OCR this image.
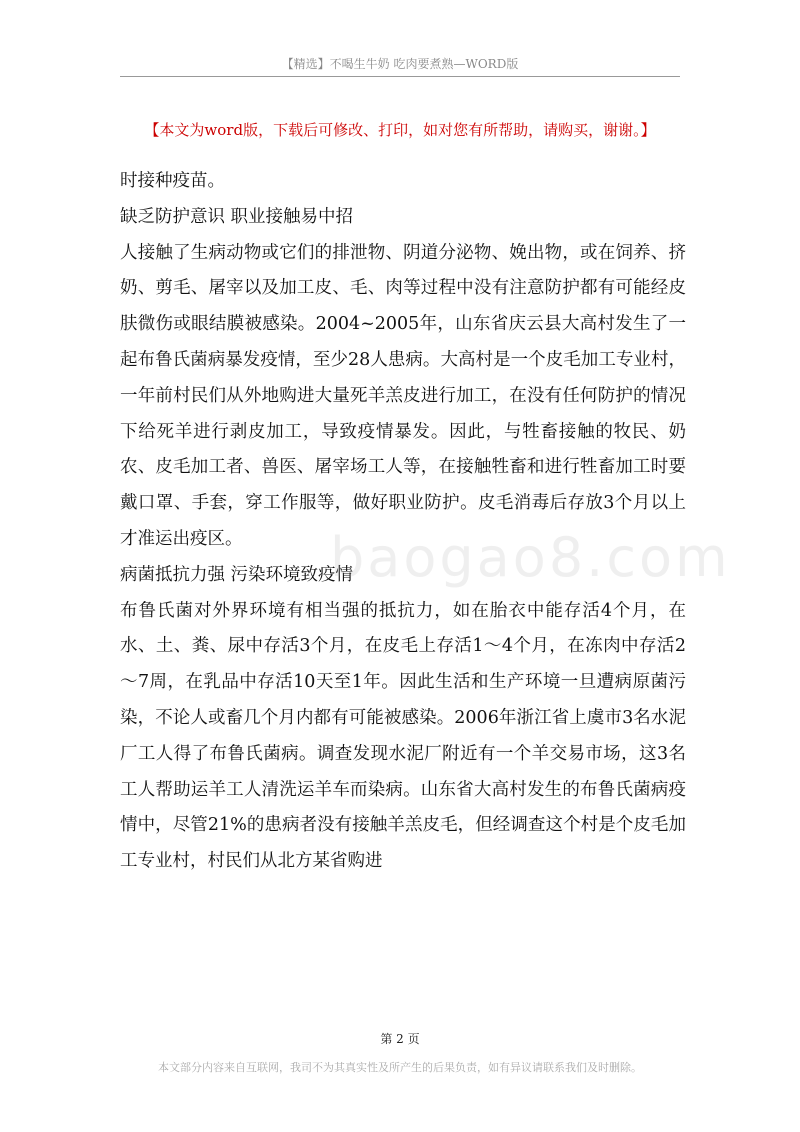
【精选】不喝生牛奶 吃肉要煮熟—WORD版
【本文为word版，下载后可修改、打印，如对您有所帮助，请购买，谢谢。】

时接种疫苗。

缺乏防护意识 职业接触易中招

人接触了生病动物或它们的排泄物、阴道分泌物、娩出物，或在饲养、挤奶、剪毛、屠宰以及加工皮、毛、肉等过程中没有注意防护都有可能经皮肤微伤或眼结膜被感染。2004~2005年，山东省庆云县大高村发生了一起布鲁氏菌病暴发疫情，至少28人患病。大高村是一个皮毛加工专业村，一年前村民们从外地购进大量死羊羔皮进行加工，在没有任何防护的情况下给死羊进行剥皮加工，导致疫情暴发。因此，与牲畜接触的牧民、奶农、皮毛加工者、兽医、屠宰场工人等，在接触牲畜和进行牲畜加工时要戴口罩、手套，穿工作服等，做好职业防护。皮毛消毒后存放3个月以上才准运出疫区。

病菌抵抗力强 污染环境致疫情

布鲁氏菌对外界环境有相当强的抵抗力，如在胎衣中能存活4个月，在水、土、粪、尿中存活3个月，在皮毛上存活1～4个月，在冻肉中存活2～7周，在乳品中存活10天至1年。因此生活和生产环境一旦遭病原菌污染，不论人或畜几个月内都有可能被感染。2006年浙江省上虞市3名水泥厂工人得了布鲁氏菌病。调查发现水泥厂附近有一个羊交易市场，这3名工人帮助运羊工人清洗运羊车而染病。山东省大高村发生的布鲁氏菌病疫情中，尽管21%的患病者没有接触羊羔皮毛，但经调查这个村是个皮毛加工专业村，村民们从北方某省购进

baogao8.com
第 2 页
本文部分内容来自互联网，我司不为其真实性及所产生的后果负责，如有异议请联系我们及时删除。
